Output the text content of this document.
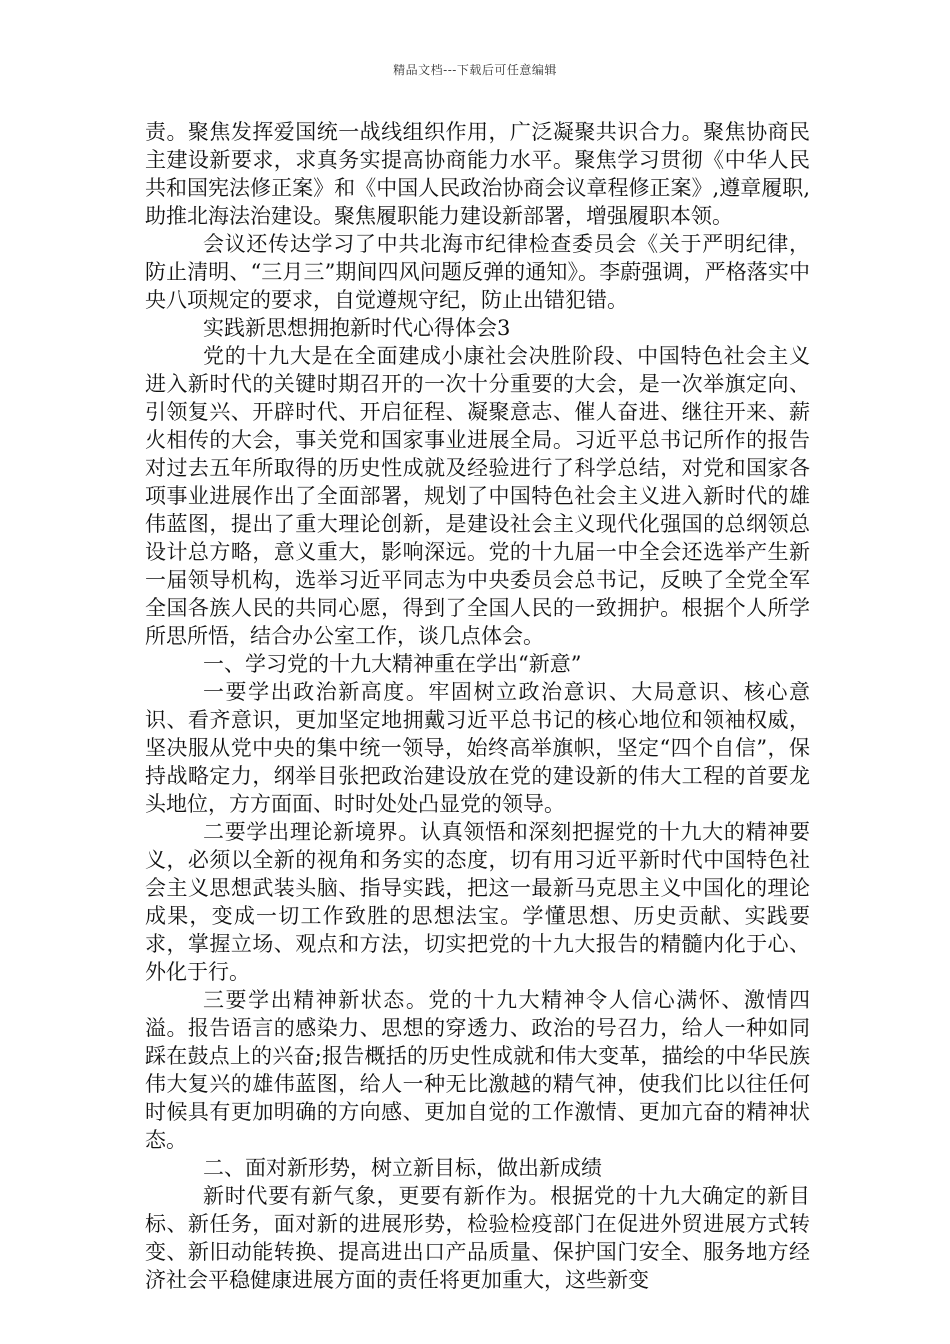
精品文档---下载后可任意编辑

责。聚焦发挥爱国统一战线组织作用，广泛凝聚共识合力。聚焦协商民主建设新要求，求真务实提高协商能力水平。聚焦学习贯彻《中华人民共和国宪法修正案》和《中国人民政治协商会议章程修正案》,遵章履职,助推北海法治建设。聚焦履职能力建设新部署，增强履职本领。

会议还传达学习了中共北海市纪律检查委员会《关于严明纪律，防止清明、“三月三”期间四风问题反弹的通知》。李蔚强调，严格落实中央八项规定的要求，自觉遵规守纪，防止出错犯错。

实践新思想拥抱新时代心得体会3

党的十九大是在全面建成小康社会决胜阶段、中国特色社会主义进入新时代的关键时期召开的一次十分重要的大会，是一次举旗定向、引领复兴、开辟时代、开启征程、凝聚意志、催人奋进、继往开来、薪火相传的大会，事关党和国家事业进展全局。习近平总书记所作的报告对过去五年所取得的历史性成就及经验进行了科学总结，对党和国家各项事业进展作出了全面部署，规划了中国特色社会主义进入新时代的雄伟蓝图，提出了重大理论创新，是建设社会主义现代化强国的总纲领总设计总方略，意义重大，影响深远。党的十九届一中全会还选举产生新一届领导机构，选举习近平同志为中央委员会总书记，反映了全党全军全国各族人民的共同心愿，得到了全国人民的一致拥护。根据个人所学所思所悟，结合办公室工作，谈几点体会。

一、学习党的十九大精神重在学出“新意”

一要学出政治新高度。牢固树立政治意识、大局意识、核心意识、看齐意识，更加坚定地拥戴习近平总书记的核心地位和领袖权威，坚决服从党中央的集中统一领导，始终高举旗帜，坚定“四个自信”，保持战略定力，纲举目张把政治建设放在党的建设新的伟大工程的首要龙头地位，方方面面、时时处处凸显党的领导。

二要学出理论新境界。认真领悟和深刻把握党的十九大的精神要义，必须以全新的视角和务实的态度，切有用习近平新时代中国特色社会主义思想武装头脑、指导实践，把这一最新马克思主义中国化的理论成果，变成一切工作致胜的思想法宝。学懂思想、历史贡献、实践要求，掌握立场、观点和方法，切实把党的十九大报告的精髓内化于心、外化于行。

三要学出精神新状态。党的十九大精神令人信心满怀、激情四溢。报告语言的感染力、思想的穿透力、政治的号召力，给人一种如同踩在鼓点上的兴奋;报告概括的历史性成就和伟大变革，描绘的中华民族伟大复兴的雄伟蓝图，给人一种无比激越的精气神，使我们比以往任何时候具有更加明确的方向感、更加自觉的工作激情、更加亢奋的精神状态。

二、面对新形势，树立新目标，做出新成绩

新时代要有新气象，更要有新作为。根据党的十九大确定的新目标、新任务，面对新的进展形势，检验检疫部门在促进外贸进展方式转变、新旧动能转换、提高进出口产品质量、保护国门安全、服务地方经济社会平稳健康进展方面的责任将更加重大，这些新变
